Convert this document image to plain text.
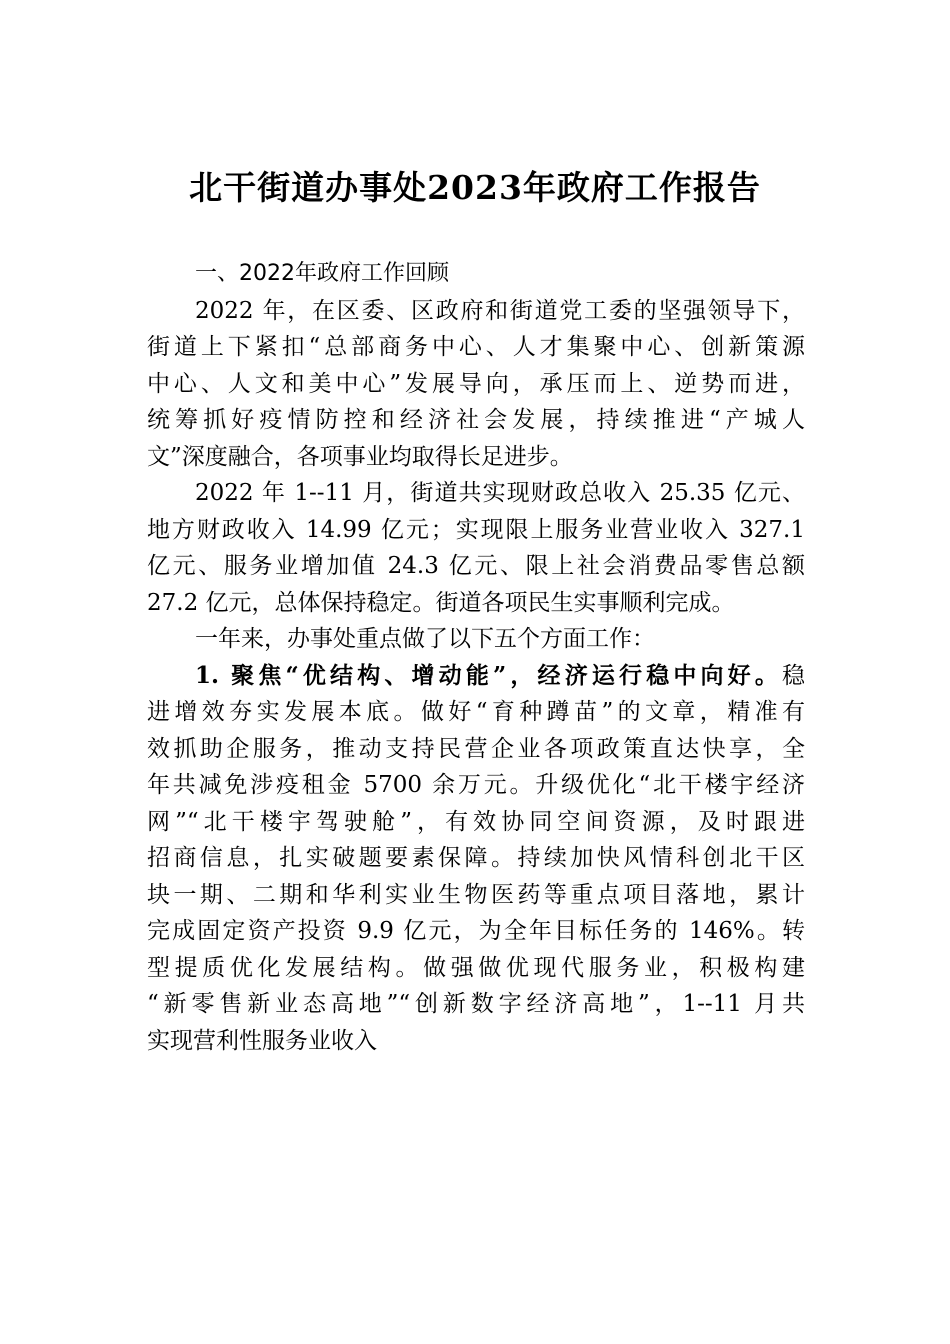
北干街道办事处2023年政府工作报告
一、2022年政府工作回顾
2022 年，在区委、区政府和街道党工委的坚强领导下，
街道上下紧扣“总部商务中心、人才集聚中心、创新策源
中心、人文和美中心”发展导向，承压而上、逆势而进，
统筹抓好疫情防控和经济社会发展，持续推进“产城人
文”深度融合，各项事业均取得长足进步。
2022 年 1--11 月，街道共实现财政总收入 25.35 亿元、
地方财政收入 14.99 亿元；实现限上服务业营业收入 327.1
亿元、服务业增加值 24.3 亿元、限上社会消费品零售总额
27.2 亿元，总体保持稳定。街道各项民生实事顺利完成。
一年来，办事处重点做了以下五个方面工作：
1. 聚焦“优结构、增动能”，经济运行稳中向好。稳
进增效夯实发展本底。做好“育种蹲苗”的文章，精准有
效抓助企服务，推动支持民营企业各项政策直达快享，全
年共减免涉疫租金 5700 余万元。升级优化“北干楼宇经济
网”“北干楼宇驾驶舱”，有效协同空间资源，及时跟进
招商信息，扎实破题要素保障。持续加快风情科创北干区
块一期、二期和华利实业生物医药等重点项目落地，累计
完成固定资产投资 9.9 亿元，为全年目标任务的 146%。转
型提质优化发展结构。做强做优现代服务业，积极构建
“新零售新业态高地”“创新数字经济高地”，1--11 月共
实现营利性服务业收入
